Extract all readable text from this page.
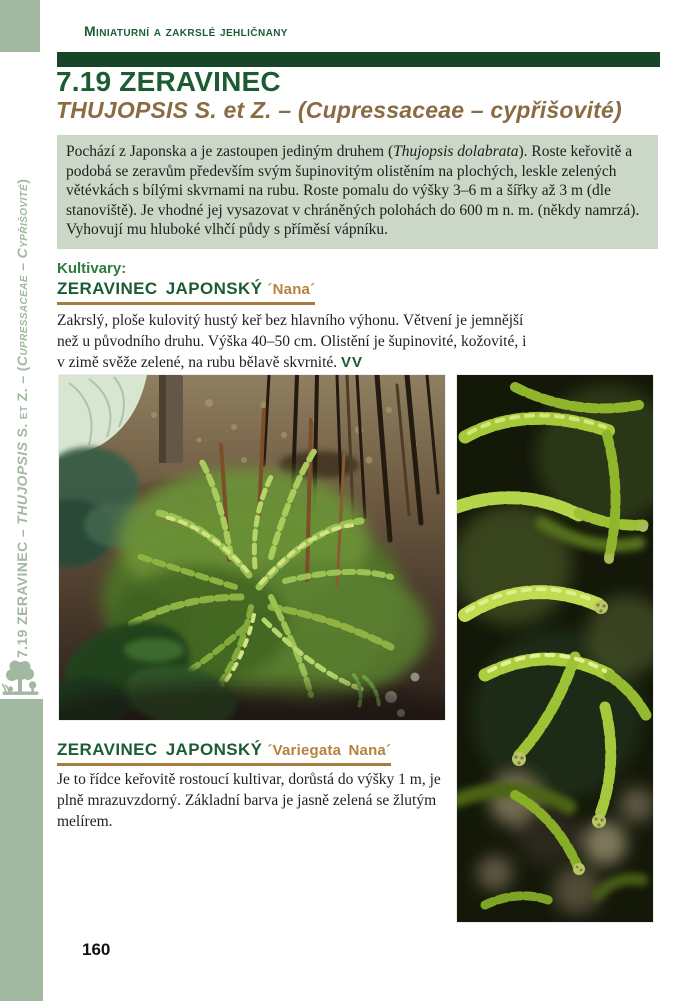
7.19 ZERAVINEC – THUJOPSIS S. et Z. – (Cupressaceae – Cypřišovité)
Miniaturní a zakrslé jehličnany
7.19 ZERAVINEC
THUJOPSIS S. et Z. – (Cupressaceae – cypřišovité)
Pochází z Japonska a je zastoupen jediným druhem (Thujopsis dolabrata). Roste keřovitě a podobá se zeravům především svým šupinovitým olistěním na plochých, leskle zelených větévkách s bílými skvrnami na rubu. Roste pomalu do výšky 3–6 m a šířky až 3 m (dle stanoviště). Je vhodné jej vysazovat v chráněných polohách do 600 m n. m. (někdy namrzá). Vyhovují mu hluboké vlhčí půdy s příměsí vápníku.
Kultivary:
ZERAVINEC JAPONSKÝ ´Nana´
Zakrslý, ploše kulovitý hustý keř bez hlavního výhonu. Větvení je jemnější než u původního druhu. Výška 40–50 cm. Olistění je šupinovité, kožovité, i v zimě svěže zelené, na rubu bělavě skvrnité. VV
ZERAVINEC JAPONSKÝ ´Variegata Nana´
Je to řídce keřovitě rostoucí kultivar, dorůstá do výšky 1 m, je plně mrazuvzdorný. Základní barva je jasně zelená se žlutým melírem.
160
